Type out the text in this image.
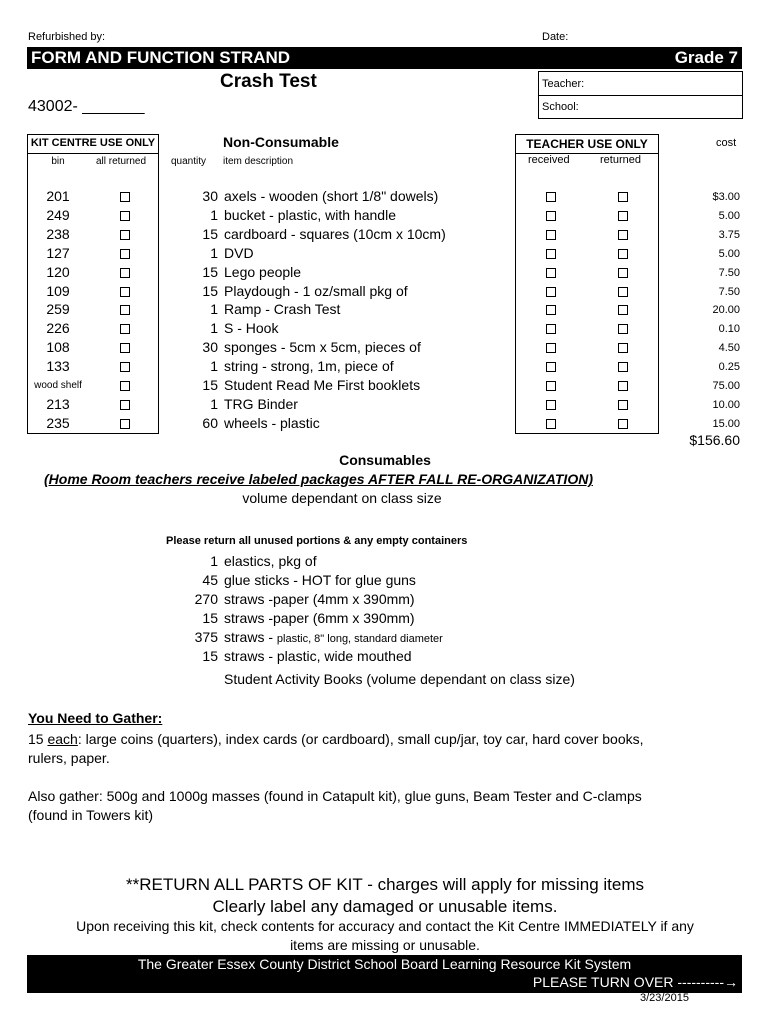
Refurbished by:	Date:
FORM AND FUNCTION STRAND	Grade 7
Crash Test
43002- _______
Teacher:
School:
KIT CENTRE USE ONLY
bin	all returned quantity item description
Non-Consumable	TEACHER USE ONLY
received	returned
cost
201	30 axels - wooden (short 1/8" dowels)	$3.00
249	1 bucket - plastic, with handle	5.00
238	15 cardboard - squares (10cm x 10cm)	3.75
127	1 DVD	5.00
120	15 Lego people	7.50
109	15 Playdough - 1 oz/small pkg of	7.50
259	1 Ramp - Crash Test	20.00
226	1 S - Hook	0.10
108	30 sponges - 5cm x 5cm, pieces of	4.50
133	1 string - strong, 1m, piece of	0.25
wood shelf	15 Student Read Me First booklets	75.00
213	1 TRG Binder	10.00
235	60 wheels - plastic	15.00
$156.60
Consumables
(Home Room teachers receive labeled packages AFTER FALL RE-ORGANIZATION)
volume dependant on class size
Please return all unused portions & any empty containers
1 elastics, pkg of
45 glue sticks - HOT for glue guns
270 straws -paper (4mm x 390mm)
15 straws -paper (6mm x 390mm)
375 straws - plastic, 8" long, standard diameter
15 straws - plastic, wide mouthed
Student Activity Books (volume dependant on class size)
You Need to Gather:
15 each: large coins (quarters), index cards (or cardboard), small cup/jar, toy car, hard cover books,
rulers, paper.
Also gather: 500g and 1000g masses (found in Catapult kit), glue guns, Beam Tester and C-clamps
(found in Towers kit)
**RETURN ALL PARTS OF KIT - charges will apply for missing items
Clearly label any damaged or unusable items.
Upon receiving this kit, check contents for accuracy and contact the Kit Centre IMMEDIATELY if any
items are missing or unusable.
The Greater Essex County District School Board Learning Resource Kit System
PLEASE TURN OVER ----------→
3/23/2015
